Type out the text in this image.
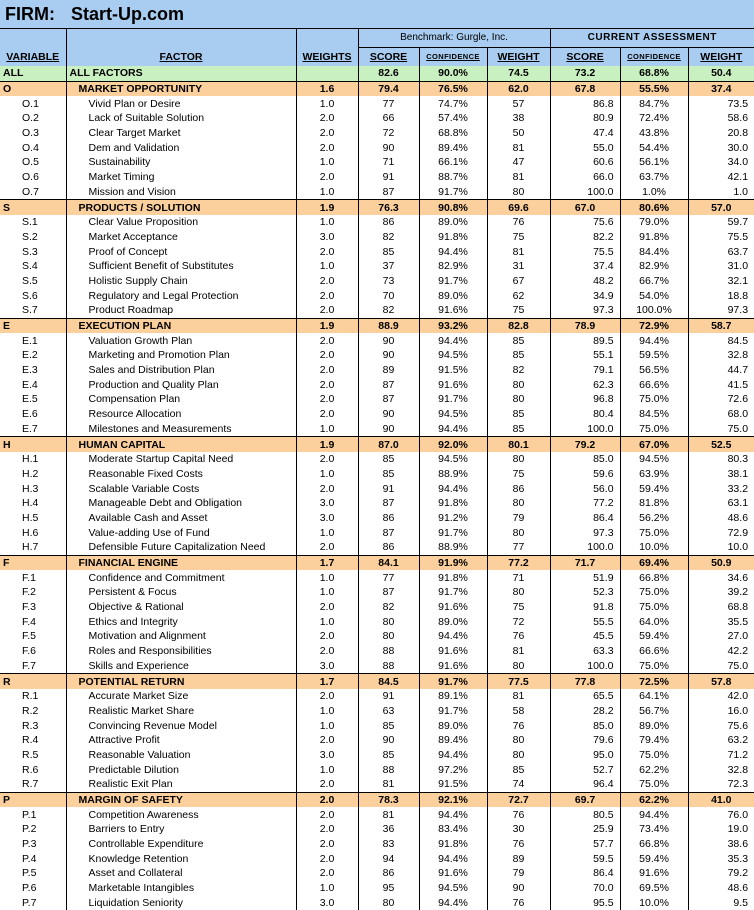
FIRM: Start-Up.com
			Benchmark: Gurgle, Inc.			CURRENT ASSESSMENT		
VARIABLE	FACTOR	WEIGHTS	SCORE	CONFIDENCE	WEIGHT	SCORE	CONFIDENCE	WEIGHT
ALL	ALL FACTORS		82.6	90.0%	74.5	73.2	68.8%	50.4
O	MARKET OPPORTUNITY	1.6	79.4	76.5%	62.0	67.8	55.5%	37.4
O.1	Vivid Plan or Desire	1.0	77	74.7%	57	86.8	84.7%	73.5
O.2	Lack of Suitable Solution	2.0	66	57.4%	38	80.9	72.4%	58.6
O.3	Clear Target Market	2.0	72	68.8%	50	47.4	43.8%	20.8
O.4	Dem and Validation	2.0	90	89.4%	81	55.0	54.4%	30.0
O.5	Sustainability	1.0	71	66.1%	47	60.6	56.1%	34.0
O.6	Market Timing	2.0	91	88.7%	81	66.0	63.7%	42.1
O.7	Mission and Vision	1.0	87	91.7%	80	100.0	1.0%	1.0
S	PRODUCTS / SOLUTION	1.9	76.3	90.8%	69.6	67.0	80.6%	57.0
S.1	Clear Value Proposition	1.0	86	89.0%	76	75.6	79.0%	59.7
S.2	Market Acceptance	3.0	82	91.8%	75	82.2	91.8%	75.5
S.3	Proof of Concept	2.0	85	94.4%	81	75.5	84.4%	63.7
S.4	Sufficient Benefit of Substitutes	1.0	37	82.9%	31	37.4	82.9%	31.0
S.5	Holistic Supply Chain	2.0	73	91.7%	67	48.2	66.7%	32.1
S.6	Regulatory and Legal Protection	2.0	70	89.0%	62	34.9	54.0%	18.8
S.7	Product Roadmap	2.0	82	91.6%	75	97.3	100.0%	97.3
E	EXECUTION PLAN	1.9	88.9	93.2%	82.8	78.9	72.9%	58.7
E.1	Valuation Growth Plan	2.0	90	94.4%	85	89.5	94.4%	84.5
E.2	Marketing and Promotion Plan	2.0	90	94.5%	85	55.1	59.5%	32.8
E.3	Sales and Distribution Plan	2.0	89	91.5%	82	79.1	56.5%	44.7
E.4	Production and Quality Plan	2.0	87	91.6%	80	62.3	66.6%	41.5
E.5	Compensation Plan	2.0	87	91.7%	80	96.8	75.0%	72.6
E.6	Resource Allocation	2.0	90	94.5%	85	80.4	84.5%	68.0
E.7	Milestones and Measurements	1.0	90	94.4%	85	100.0	75.0%	75.0
H	HUMAN CAPITAL	1.9	87.0	92.0%	80.1	79.2	67.0%	52.5
H.1	Moderate Startup Capital Need	2.0	85	94.5%	80	85.0	94.5%	80.3
H.2	Reasonable Fixed Costs	1.0	85	88.9%	75	59.6	63.9%	38.1
H.3	Scalable Variable Costs	2.0	91	94.4%	86	56.0	59.4%	33.2
H.4	Manageable Debt and Obligation	3.0	87	91.8%	80	77.2	81.8%	63.1
H.5	Available Cash and Asset	3.0	86	91.2%	79	86.4	56.2%	48.6
H.6	Value-adding Use of Fund	1.0	87	91.7%	80	97.3	75.0%	72.9
H.7	Defensible Future Capitalization Need	2.0	86	88.9%	77	100.0	10.0%	10.0
F	FINANCIAL ENGINE	1.7	84.1	91.9%	77.2	71.7	69.4%	50.9
F.1	Confidence and Commitment	1.0	77	91.8%	71	51.9	66.8%	34.6
F.2	Persistent & Focus	1.0	87	91.7%	80	52.3	75.0%	39.2
F.3	Objective & Rational	2.0	82	91.6%	75	91.8	75.0%	68.8
F.4	Ethics and Integrity	1.0	80	89.0%	72	55.5	64.0%	35.5
F.5	Motivation and Alignment	2.0	80	94.4%	76	45.5	59.4%	27.0
F.6	Roles and Responsibilities	2.0	88	91.6%	81	63.3	66.6%	42.2
F.7	Skills and Experience	3.0	88	91.6%	80	100.0	75.0%	75.0
R	POTENTIAL RETURN	1.7	84.5	91.7%	77.5	77.8	72.5%	57.8
R.1	Accurate Market Size	2.0	91	89.1%	81	65.5	64.1%	42.0
R.2	Realistic Market Share	1.0	63	91.7%	58	28.2	56.7%	16.0
R.3	Convincing Revenue Model	1.0	85	89.0%	76	85.0	89.0%	75.6
R.4	Attractive Profit	2.0	90	89.4%	80	79.6	79.4%	63.2
R.5	Reasonable Valuation	3.0	85	94.4%	80	95.0	75.0%	71.2
R.6	Predictable Dilution	1.0	88	97.2%	85	52.7	62.2%	32.8
R.7	Realistic Exit Plan	2.0	81	91.5%	74	96.4	75.0%	72.3
P	MARGIN OF SAFETY	2.0	78.3	92.1%	72.7	69.7	62.2%	41.0
P.1	Competition Awareness	2.0	81	94.4%	76	80.5	94.4%	76.0
P.2	Barriers to Entry	2.0	36	83.4%	30	25.9	73.4%	19.0
P.3	Controllable Expenditure	2.0	83	91.8%	76	57.7	66.8%	38.6
P.4	Knowledge Retention	2.0	94	94.4%	89	59.5	59.4%	35.3
P.5	Asset and Collateral	2.0	86	91.6%	79	86.4	91.6%	79.2
P.6	Marketable Intangibles	1.0	95	94.5%	90	70.0	69.5%	48.6
P.7	Liquidation Seniority	3.0	80	94.4%	76	95.5	10.0%	9.5
